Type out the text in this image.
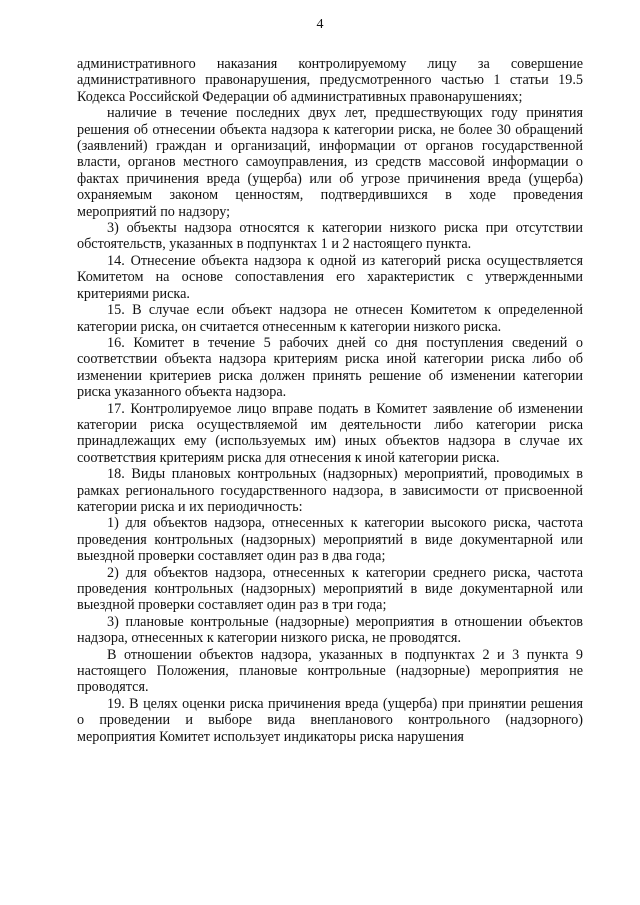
4

административного наказания контролируемому лицу за совершение административного правонарушения, предусмотренного частью 1 статьи 19.5 Кодекса Российской Федерации об административных правонарушениях;

наличие в течение последних двух лет, предшествующих году принятия решения об отнесении объекта надзора к категории риска, не более 30 обращений (заявлений) граждан и организаций, информации от органов государственной власти, органов местного самоуправления, из средств массовой информации о фактах причинения вреда (ущерба) или об угрозе причинения вреда (ущерба) охраняемым законом ценностям, подтвердившихся в ходе проведения мероприятий по надзору;

3) объекты надзора относятся к категории низкого риска при отсутствии обстоятельств, указанных в подпунктах 1 и 2 настоящего пункта.

14. Отнесение объекта надзора к одной из категорий риска осуществляется Комитетом на основе сопоставления его характеристик с утвержденными критериями риска.

15. В случае если объект надзора не отнесен Комитетом к определенной категории риска, он считается отнесенным к категории низкого риска.

16. Комитет в течение 5 рабочих дней со дня поступления сведений о соответствии объекта надзора критериям риска иной категории риска либо об изменении критериев риска должен принять решение об изменении категории риска указанного объекта надзора.

17. Контролируемое лицо вправе подать в Комитет заявление об изменении категории риска осуществляемой им деятельности либо категории риска принадлежащих ему (используемых им) иных объектов надзора в случае их соответствия критериям риска для отнесения к иной категории риска.

18. Виды плановых контрольных (надзорных) мероприятий, проводимых в рамках регионального государственного надзора, в зависимости от присвоенной категории риска и их периодичность:

1) для объектов надзора, отнесенных к категории высокого риска, частота проведения контрольных (надзорных) мероприятий в виде документарной или выездной проверки составляет один раз в два года;

2) для объектов надзора, отнесенных к категории среднего риска, частота проведения контрольных (надзорных) мероприятий в виде документарной или выездной проверки составляет один раз в три года;

3) плановые контрольные (надзорные) мероприятия в отношении объектов надзора, отнесенных к категории низкого риска, не проводятся.

В отношении объектов надзора, указанных в подпунктах 2 и 3 пункта 9 настоящего Положения, плановые контрольные (надзорные) мероприятия не проводятся.

19. В целях оценки риска причинения вреда (ущерба) при принятии решения о проведении и выборе вида внепланового контрольного (надзорного) мероприятия Комитет использует индикаторы риска нарушения
